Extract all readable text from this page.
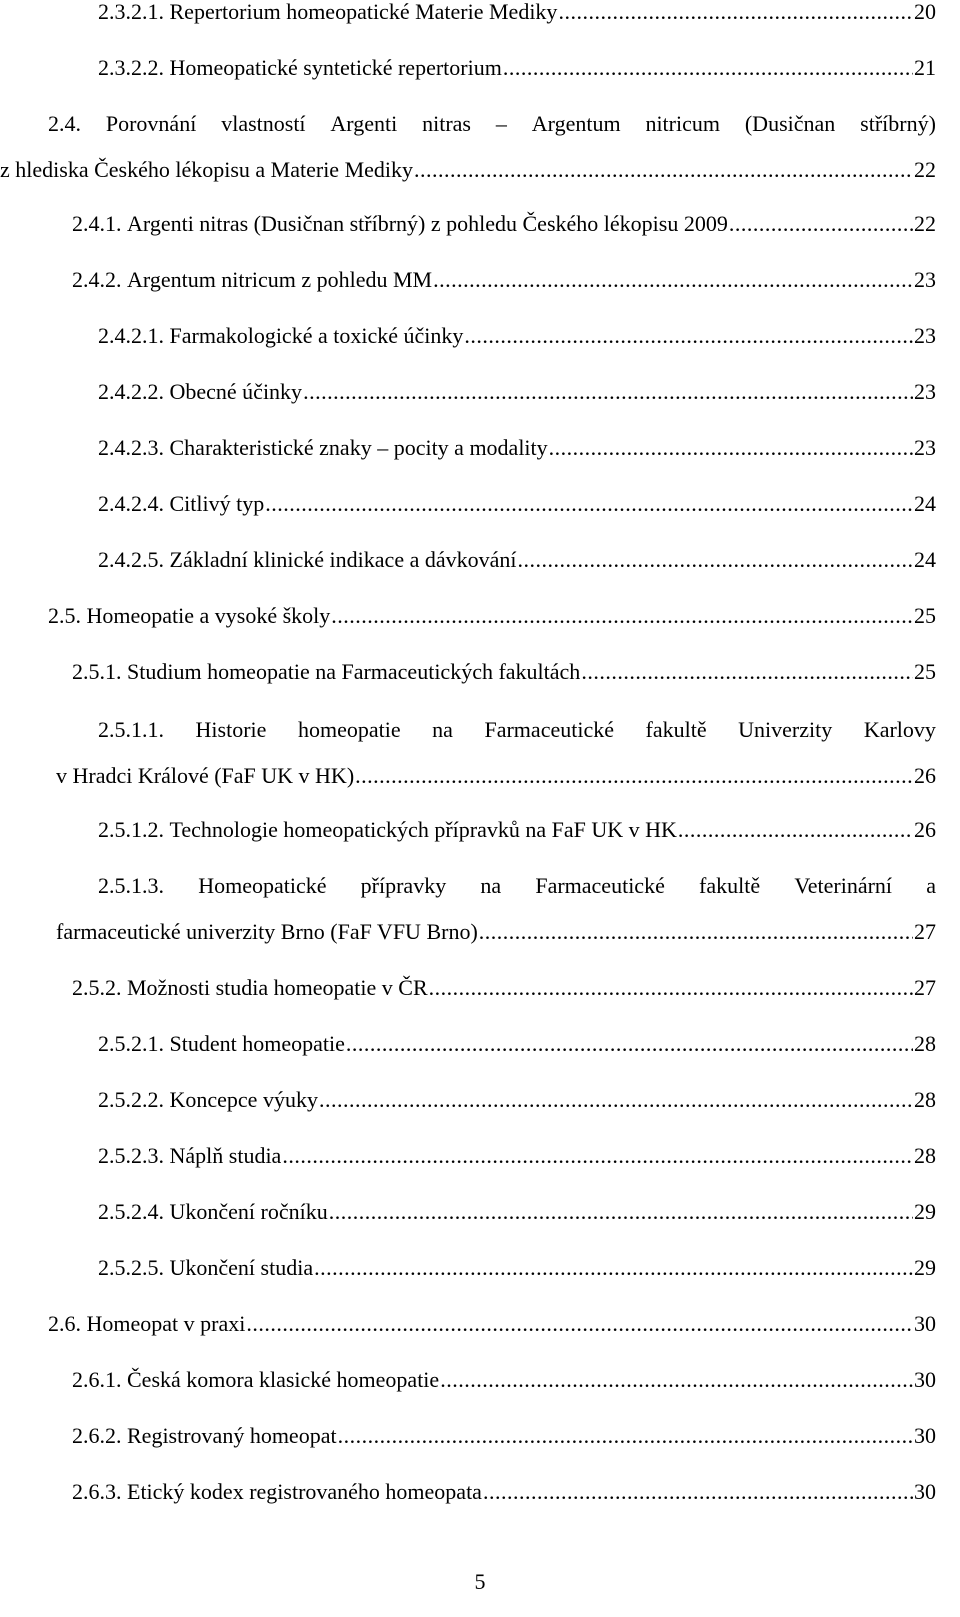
2.3.2.1.
Repertorium homeopatické Materie Mediky .....	20
2.3.2.2.
Homeopatické syntetické repertorium .....	21
2.4. Porovnání vlastností Argenti nitras – Argentum nitricum (Dusičnan stříbrný)
z hlediska Českého lékopisu a Materie Mediky .....	22
2.4.1.
Argenti nitras (Dusičnan stříbrný) z pohledu Českého lékopisu 2009 .....	22
2.4.2.
Argentum nitricum z pohledu MM .....	23
2.4.2.1.
Farmakologické a toxické účinky .....	23
2.4.2.2.
Obecné účinky .....	23
2.4.2.3.
Charakteristické znaky – pocity a modality .....	23
2.4.2.4.
Citlivý typ .....	24
2.4.2.5.
Základní klinické indikace a dávkování .....	24
2.5.
Homeopatie a vysoké školy .....	25
2.5.1.
Studium homeopatie na Farmaceutických fakultách .....	25
2.5.1.1. Historie homeopatie na Farmaceutické fakultě Univerzity Karlovy
v Hradci Králové (FaF UK v HK) .....	26
2.5.1.2.
Technologie homeopatických přípravků na FaF UK v HK .....	26
2.5.1.3. Homeopatické přípravky na Farmaceutické fakultě Veterinární a
farmaceutické univerzity Brno (FaF VFU Brno) .....	27
2.5.2.
Možnosti studia homeopatie v ČR .....	27
2.5.2.1.
Student homeopatie .....	28
2.5.2.2.
Koncepce výuky .....	28
2.5.2.3.
Náplň studia .....	28
2.5.2.4.
Ukončení ročníku .....	29
2.5.2.5.
Ukončení studia .....	29
2.6.
Homeopat v praxi .....	30
2.6.1.
Česká komora klasické homeopatie .....	30
2.6.2.
Registrovaný homeopat .....	30
2.6.3.
Etický kodex registrovaného homeopata .....	30
5
